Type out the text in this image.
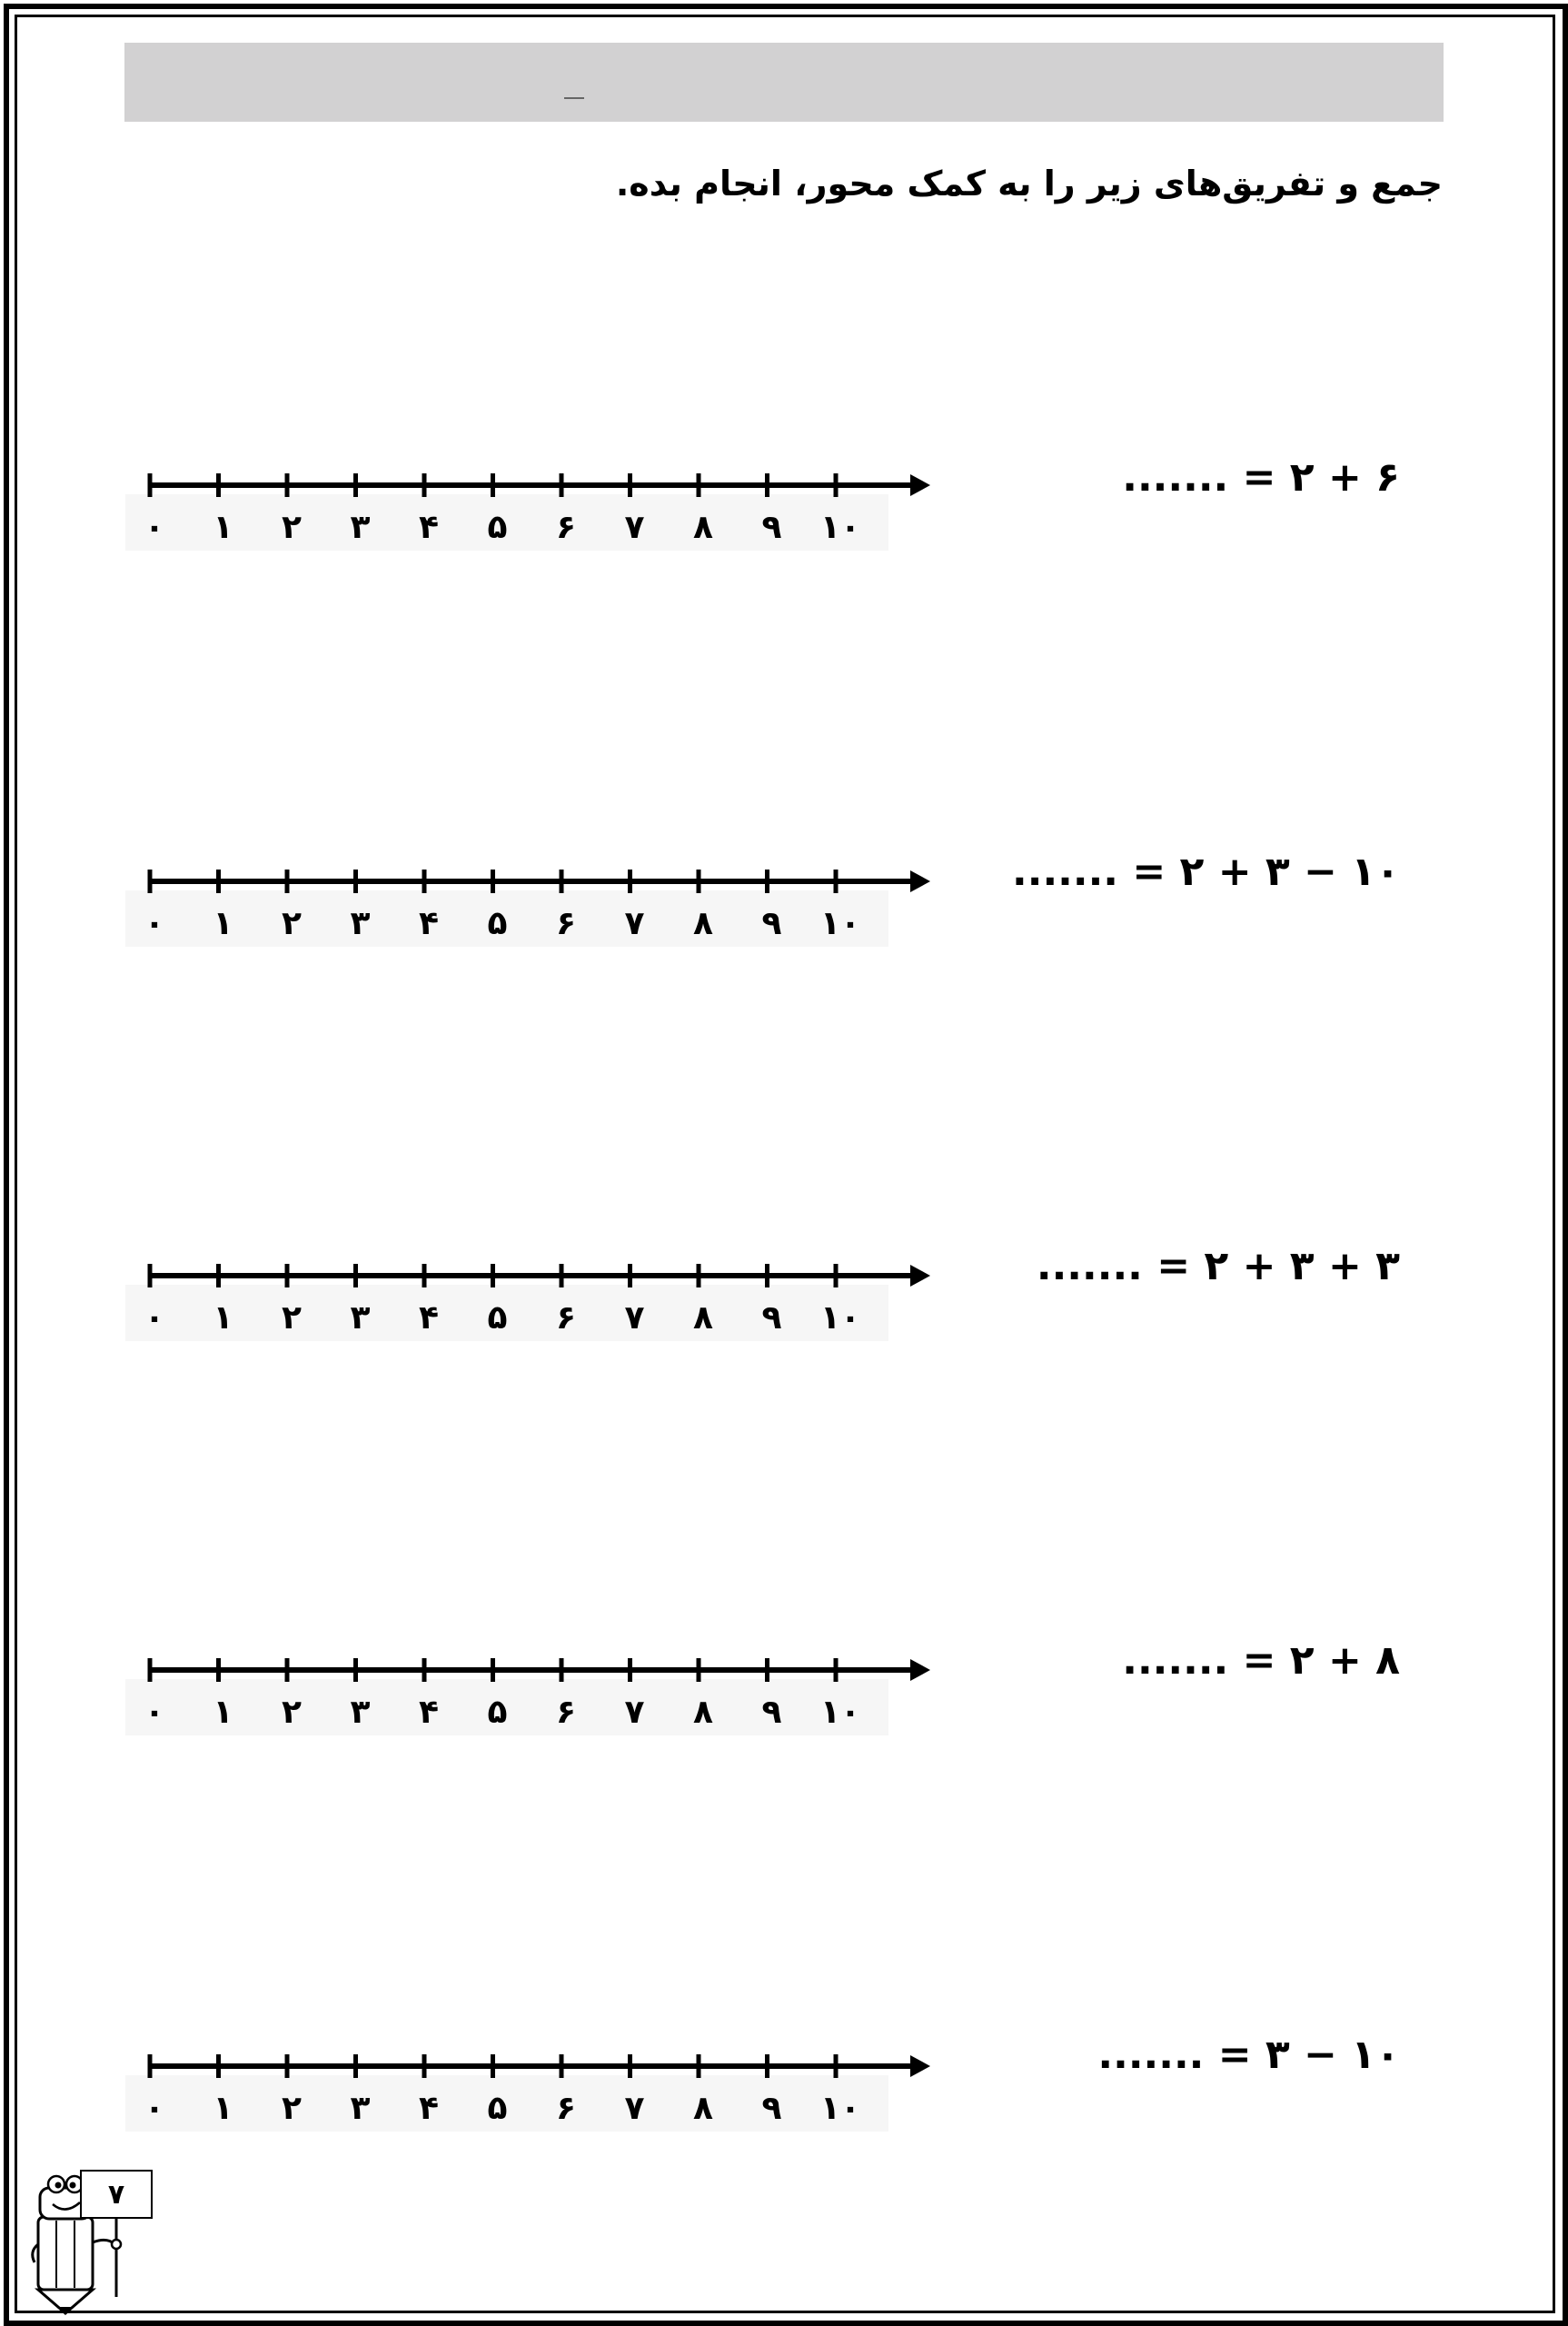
جمع و تفریق‌های زیر را به کمک محور، انجام بده.
۶ + ۲ = .......
۰ ۱ ۲ ۳ ۴ ۵ ۶ ۷ ۸ ۹ ۱۰
۱۰ − ۳ + ۲ = .......
۰ ۱ ۲ ۳ ۴ ۵ ۶ ۷ ۸ ۹ ۱۰
۳ + ۳ + ۲ = .......
۰ ۱ ۲ ۳ ۴ ۵ ۶ ۷ ۸ ۹ ۱۰
۸ + ۲ = .......
۰ ۱ ۲ ۳ ۴ ۵ ۶ ۷ ۸ ۹ ۱۰
۱۰ − ۳ = .......
۰ ۱ ۲ ۳ ۴ ۵ ۶ ۷ ۸ ۹ ۱۰
۷
